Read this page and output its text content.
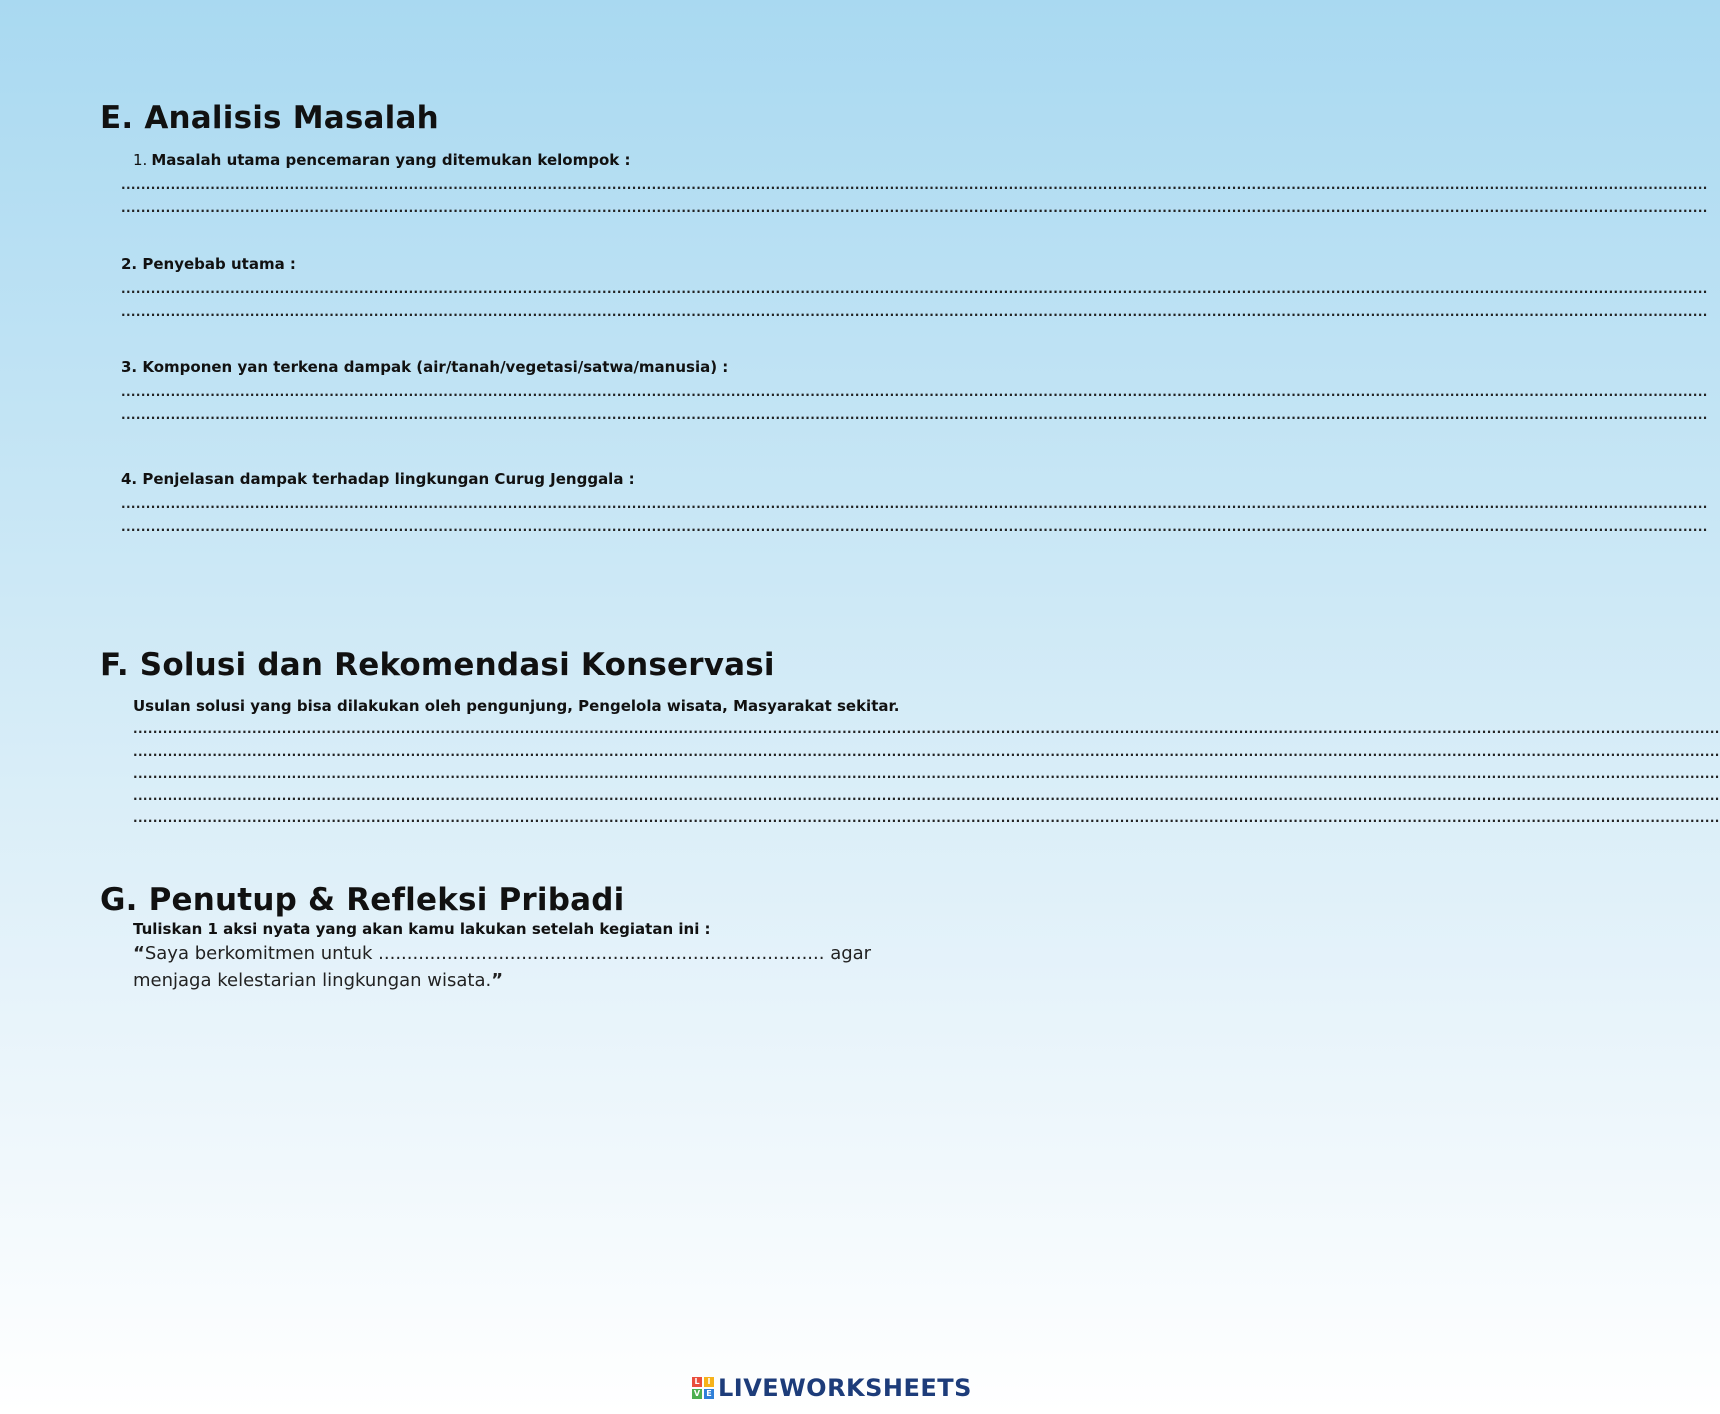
E. Analisis Masalah
1. Masalah utama pencemaran yang ditemukan kelompok :
................................................................................................................................................................................................................................................................................................................................
................................................................................................................................................................................................................................................................................................................................
2. Penyebab utama :
................................................................................................................................................................................................................................................................................................................................
................................................................................................................................................................................................................................................................................................................................
3. Komponen yan terkena dampak (air/tanah/vegetasi/satwa/manusia) :
................................................................................................................................................................................................................................................................................................................................
................................................................................................................................................................................................................................................................................................................................
4. Penjelasan dampak terhadap lingkungan Curug Jenggala :
................................................................................................................................................................................................................................................................................................................................
................................................................................................................................................................................................................................................................................................................................
F. Solusi dan Rekomendasi Konservasi
Usulan solusi yang bisa dilakukan oleh pengunjung, Pengelola wisata, Masyarakat sekitar.
................................................................................................................................................................................................................................................................................................................................
................................................................................................................................................................................................................................................................................................................................
................................................................................................................................................................................................................................................................................................................................
................................................................................................................................................................................................................................................................................................................................
................................................................................................................................................................................................................................................................................................................................
G. Penutup & Refleksi Pribadi
Tuliskan 1 aksi nyata yang akan kamu lakukan setelah kegiatan ini :
“Saya berkomitmen untuk .............................................................................. agar menjaga kelestarian lingkungan wisata.”
L I
V E LIVEWORKSHEETS
